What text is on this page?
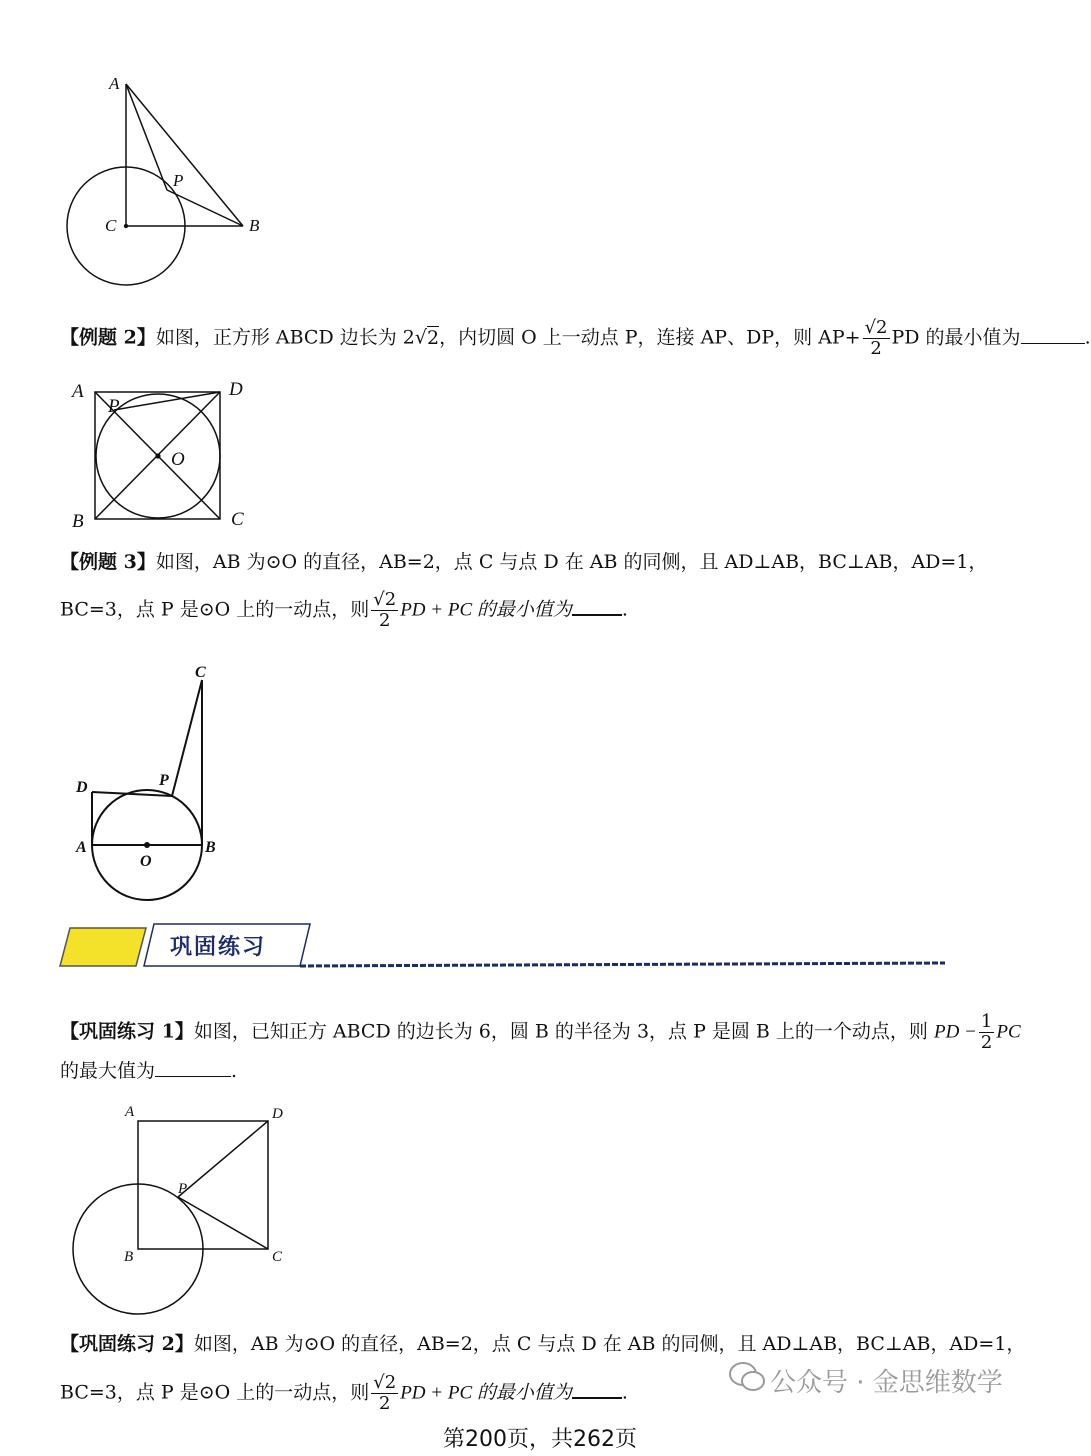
A
P
C	B
【例题 2】如图，正方形 ABCD 边长为 2√2，内切圆 O 上一动点 P，连接 AP、DP，则 $AP+ \frac{√2}{2}$ PD 的最小值为	.
A	D
P
O
B	C
【例题 3】如图，AB 为⊙O 的直径，AB=2，点 C 与点 D 在 AB 的同侧，且 AD⊥AB，BC⊥AB，AD=1，
BC=3，点 P 是⊙O 上的一动点，则 $\frac{√2}{2}$ PD + PC 的最小值为	.
C
D	P
A
O
B
巩固练习
【巩固练习 1】如图，已知正方 ABCD 的边长为 6，圆 B 的半径为 3，点 P 是圆 B 上的一个动点，则 PD − $\frac{1}{2}$ PC
的最大值为	.
A	D
P
B	C
【巩固练习 2】如图，AB 为⊙O 的直径，AB=2，点 C 与点 D 在 AB 的同侧，且 AD⊥AB，BC⊥AB，AD=1，
BC=3，点 P 是⊙O 上的一动点，则 $\frac{√2}{2}$ PD + PC 的最小值为	.	公众号 · 金思维数学
第200页，共262页
